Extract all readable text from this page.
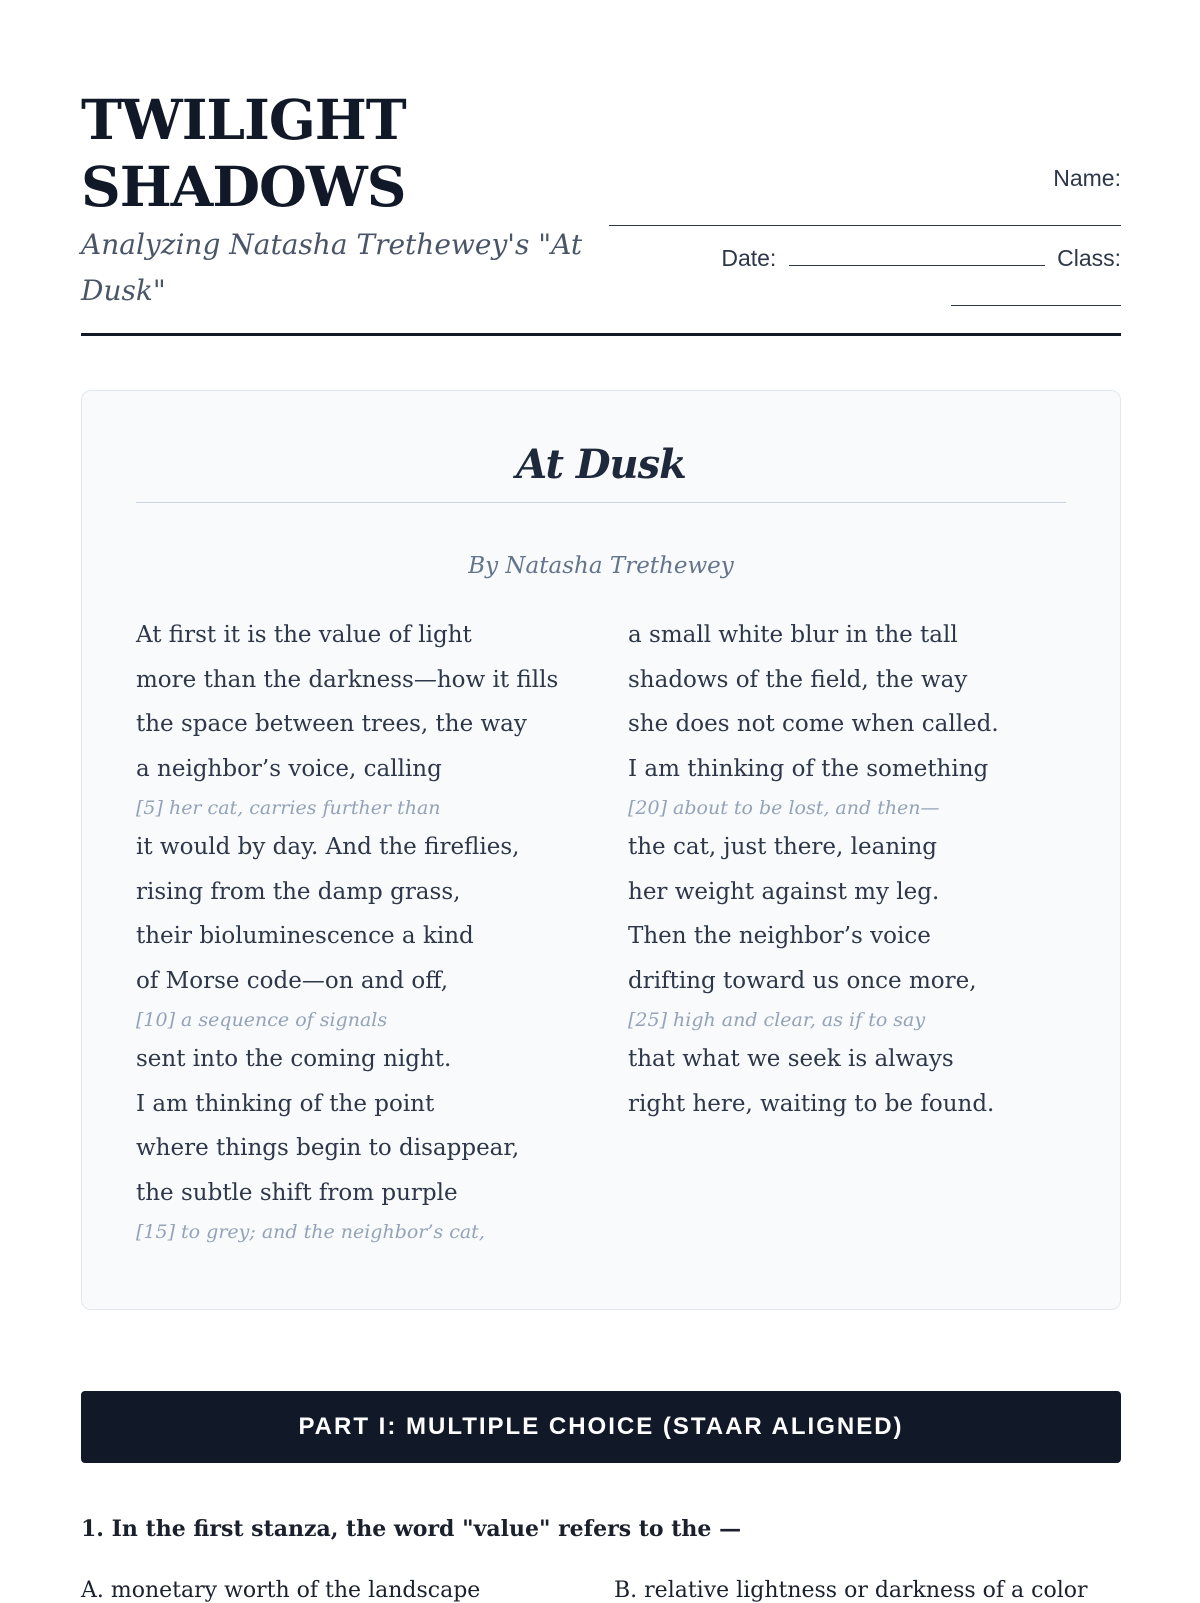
TWILIGHT SHADOWS
Analyzing Natasha Trethewey's "At Dusk"
Name:
Date:	Class:
At Dusk
By Natasha Trethewey
At first it is the value of light
more than the darkness—how it fills
the space between trees, the way
a neighbor’s voice, calling
[5] her cat, carries further than
it would by day. And the fireflies,
rising from the damp grass,
their bioluminescence a kind
of Morse code—on and off,
[10] a sequence of signals
sent into the coming night.
I am thinking of the point
where things begin to disappear,
the subtle shift from purple
[15] to grey; and the neighbor’s cat,
a small white blur in the tall
shadows of the field, the way
she does not come when called.
I am thinking of the something
[20] about to be lost, and then—
the cat, just there, leaning
her weight against my leg.
Then the neighbor’s voice
drifting toward us once more,
[25] high and clear, as if to say
that what we seek is always
right here, waiting to be found.
PART I: MULTIPLE CHOICE (STAAR ALIGNED)

1. In the first stanza, the word "value" refers to the —

A. monetary worth of the landscape	B. relative lightness or darkness of a color
